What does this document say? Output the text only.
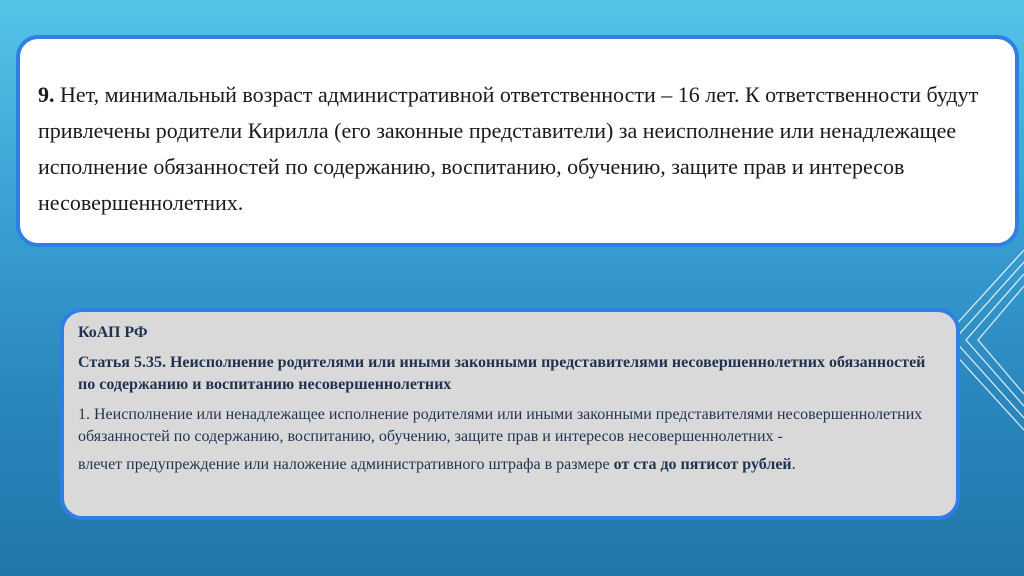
9. Нет, минимальный возраст административной ответственности – 16 лет. К ответственности будут привлечены родители Кирилла (его законные представители) за неисполнение или ненадлежащее исполнение обязанностей по содержанию, воспитанию, обучению, защите прав и интересов несовершеннолетних.

КоАП РФ

Статья 5.35. Неисполнение родителями или иными законными представителями несовершеннолетних обязанностей по содержанию и воспитанию несовершеннолетних

1. Неисполнение или ненадлежащее исполнение родителями или иными законными представителями несовершеннолетних обязанностей по содержанию, воспитанию, обучению, защите прав и интересов несовершеннолетних -

влечет предупреждение или наложение административного штрафа в размере от ста до пятисот рублей.
